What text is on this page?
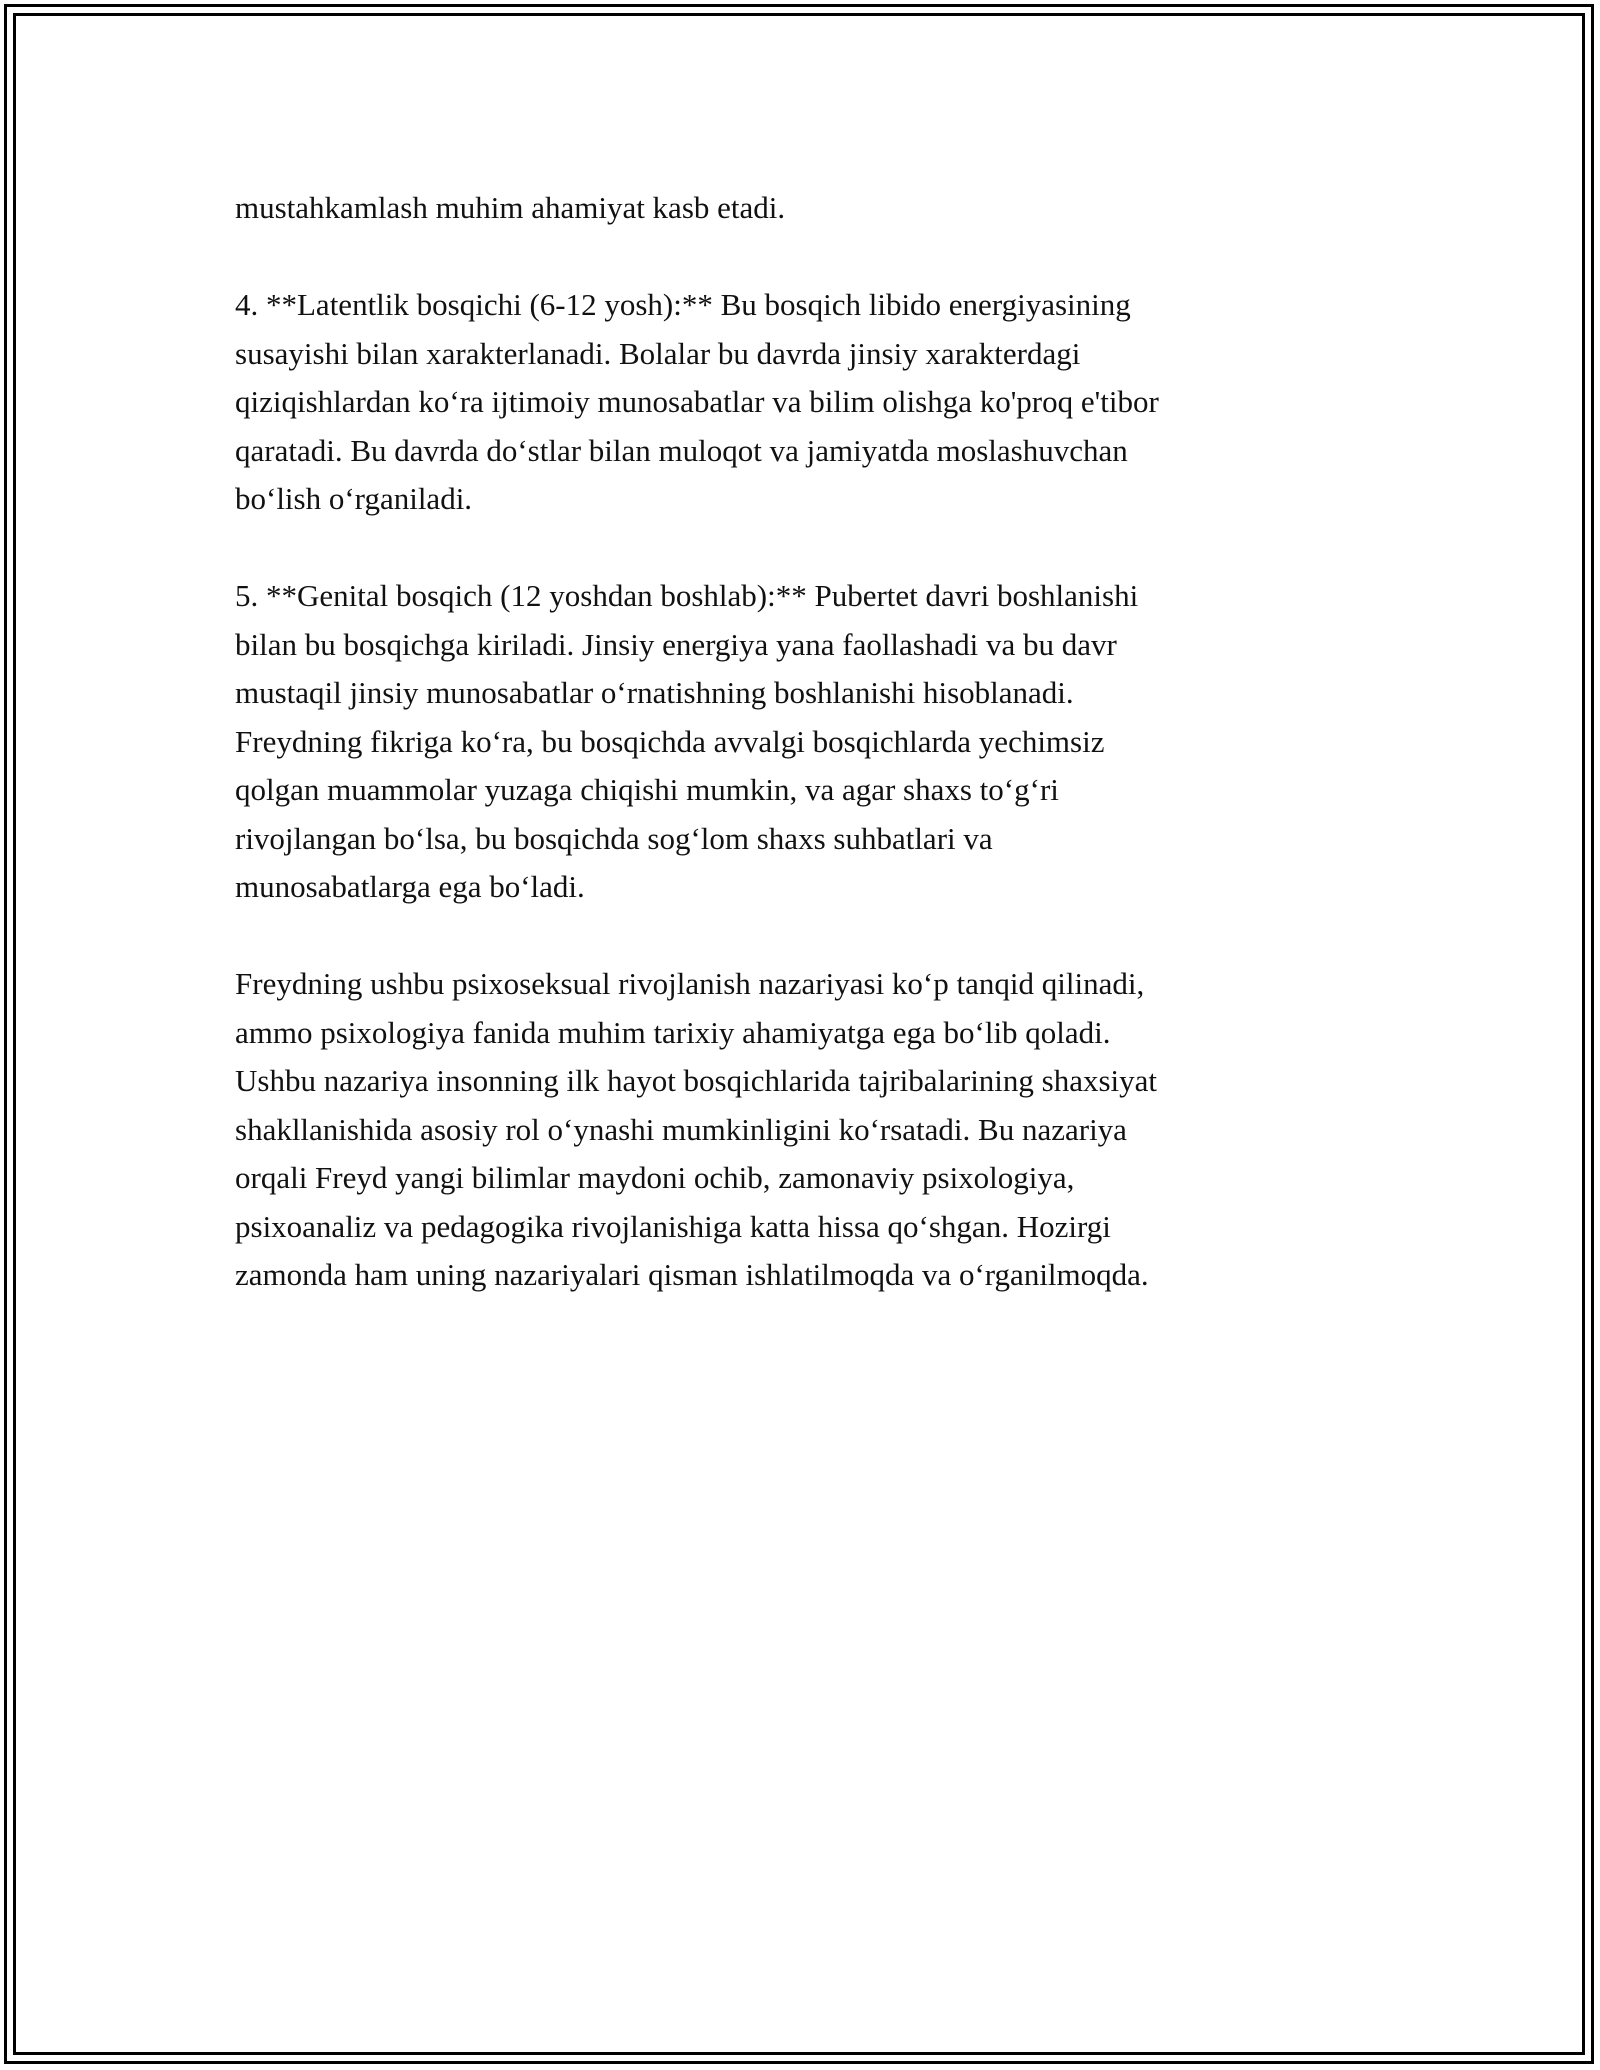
mustahkamlash muhim ahamiyat kasb etadi.

4. **Latentlik bosqichi (6-12 yosh):** Bu bosqich libido energiyasining
susayishi bilan xarakterlanadi. Bolalar bu davrda jinsiy xarakterdagi
qiziqishlardan ko‘ra ijtimoiy munosabatlar va bilim olishga ko'proq e'tibor
qaratadi. Bu davrda do‘stlar bilan muloqot va jamiyatda moslashuvchan
bo‘lish o‘rganiladi.

5. **Genital bosqich (12 yoshdan boshlab):** Pubertet davri boshlanishi
bilan bu bosqichga kiriladi. Jinsiy energiya yana faollashadi va bu davr
mustaqil jinsiy munosabatlar o‘rnatishning boshlanishi hisoblanadi.
Freydning fikriga ko‘ra, bu bosqichda avvalgi bosqichlarda yechimsiz
qolgan muammolar yuzaga chiqishi mumkin, va agar shaxs to‘g‘ri
rivojlangan bo‘lsa, bu bosqichda sog‘lom shaxs suhbatlari va
munosabatlarga ega bo‘ladi.

Freydning ushbu psixoseksual rivojlanish nazariyasi ko‘p tanqid qilinadi,
ammo psixologiya fanida muhim tarixiy ahamiyatga ega bo‘lib qoladi.
Ushbu nazariya insonning ilk hayot bosqichlarida tajribalarining shaxsiyat
shakllanishida asosiy rol o‘ynashi mumkinligini ko‘rsatadi. Bu nazariya
orqali Freyd yangi bilimlar maydoni ochib, zamonaviy psixologiya,
psixoanaliz va pedagogika rivojlanishiga katta hissa qo‘shgan. Hozirgi
zamonda ham uning nazariyalari qisman ishlatilmoqda va o‘rganilmoqda.
